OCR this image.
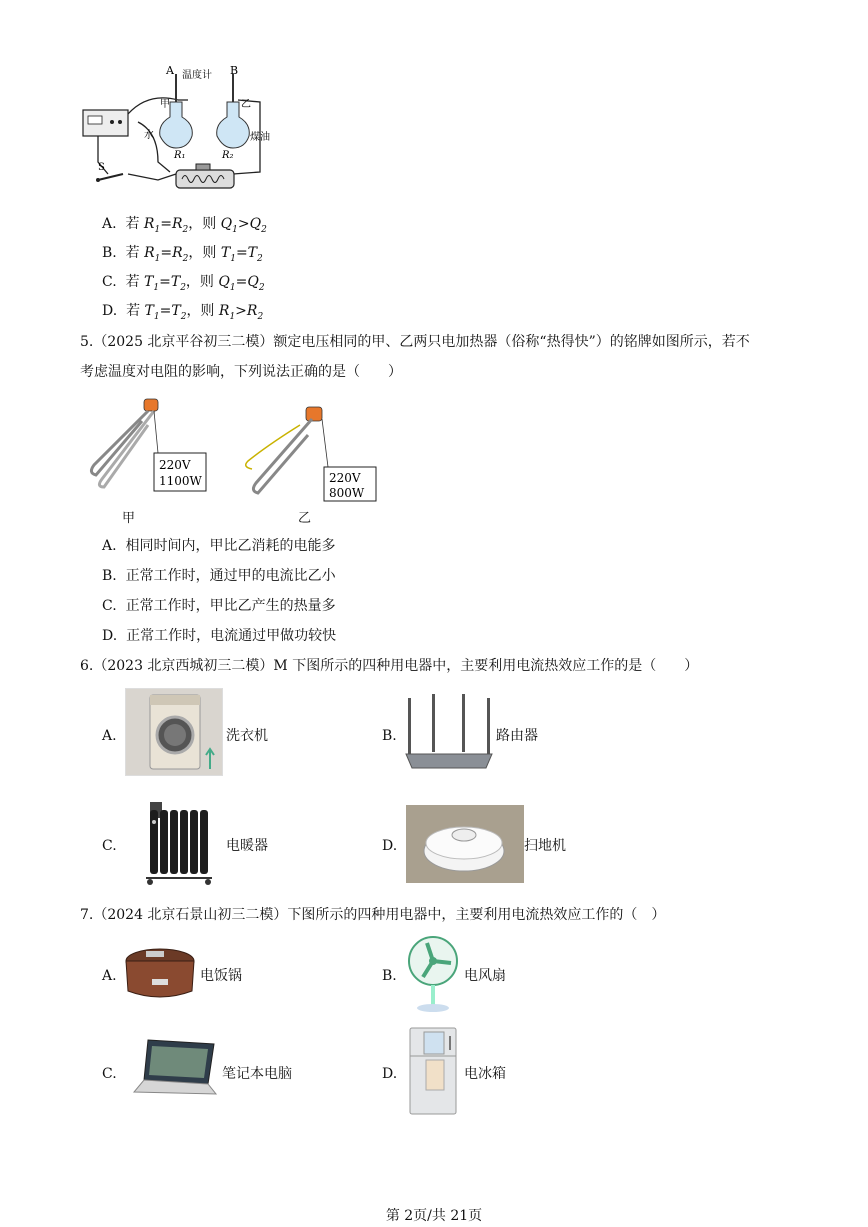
A	B
温度计
甲	乙
水	煤油
R₁	R₂
S
A. 若 $R_1=R_2$，则 $Q_1>Q_2$
B. 若 $R_1=R_2$，则 $T_1=T_2$
C. 若 $T_1=T_2$，则 $Q_1=Q_2$
D. 若 $T_1=T_2$，则 $R_1>R_2$
5.（2025 北京平谷初三二模）额定电压相同的甲、乙两只电加热器（俗称“热得快”）的铭牌如图所示，若不
考虑温度对电阻的影响，下列说法正确的是（　　）
220V
1100W
甲
220V
800W
乙
A. 相同时间内，甲比乙消耗的电能多
B. 正常工作时，通过甲的电流比乙小
C. 正常工作时，甲比乙产生的热量多
D. 正常工作时，电流通过甲做功较快
6.（2023 北京西城初三二模）M 下图所示的四种用电器中，主要利用电流热效应工作的是（　　）
A.	洗衣机	B.	路由器
C.	电暖器	D.	扫地机
7.（2024 北京石景山初三二模）下图所示的四种用电器中，主要利用电流热效应工作的（　）
A.	电饭锅	B.	电风扇
C.	笔记本电脑	D.	电冰箱
第 2页/共 21页
